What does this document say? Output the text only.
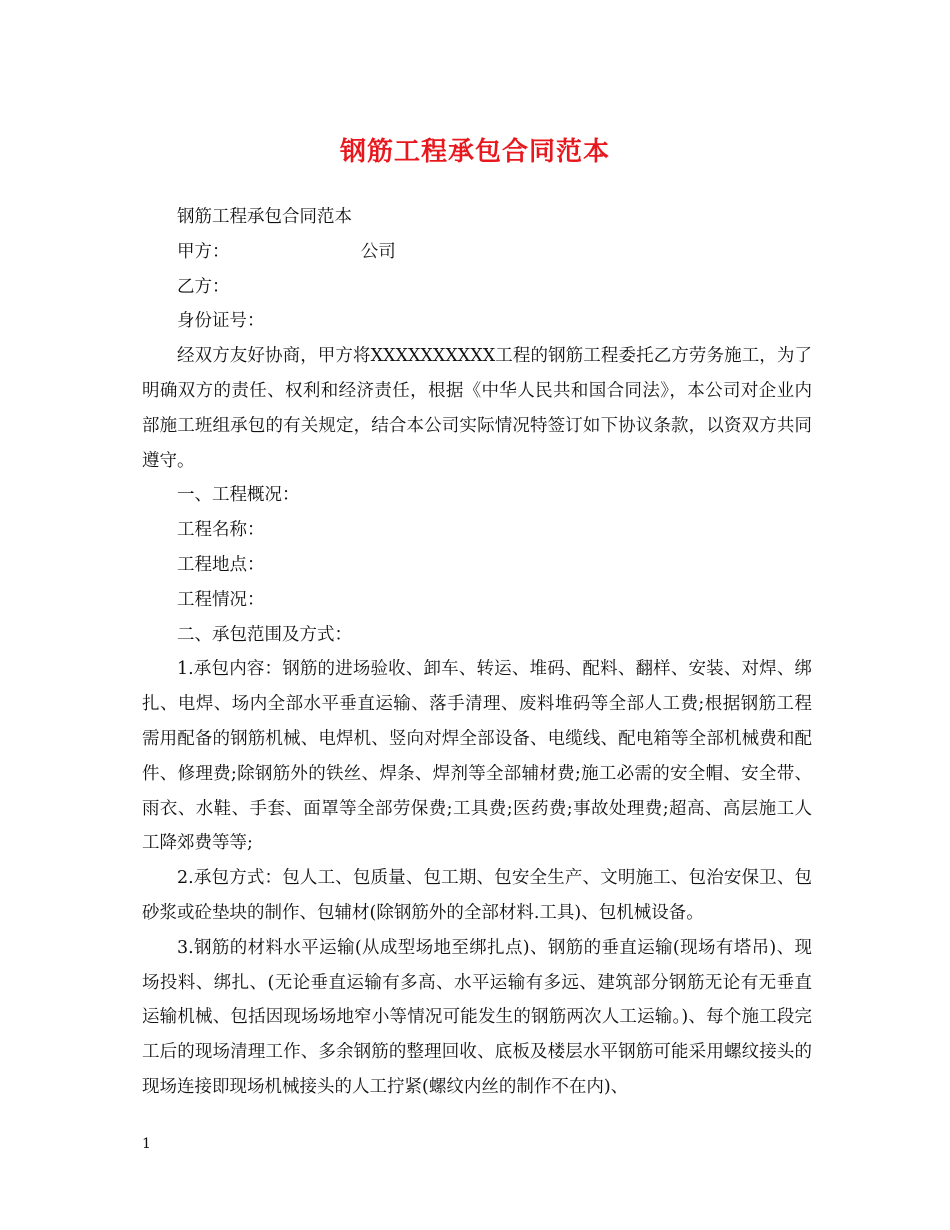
钢筋工程承包合同范本

钢筋工程承包合同范本

甲方：　　　　　　　　公司

乙方：

身份证号：

经双方友好协商，甲方将XXXXXXXXXX工程的钢筋工程委托乙方劳务施工，为了明确双方的责任、权利和经济责任，根据《中华人民共和国合同法》，本公司对企业内部施工班组承包的有关规定，结合本公司实际情况特签订如下协议条款，以资双方共同遵守。

一、工程概况：

工程名称：

工程地点：

工程情况：

二、承包范围及方式：

1.承包内容：钢筋的进场验收、卸车、转运、堆码、配料、翻样、安装、对焊、绑扎、电焊、场内全部水平垂直运输、落手清理、废料堆码等全部人工费;根据钢筋工程需用配备的钢筋机械、电焊机、竖向对焊全部设备、电缆线、配电箱等全部机械费和配件、修理费;除钢筋外的铁丝、焊条、焊剂等全部辅材费;施工必需的安全帽、安全带、雨衣、水鞋、手套、面罩等全部劳保费;工具费;医药费;事故处理费;超高、高层施工人工降郊费等等;

2.承包方式：包人工、包质量、包工期、包安全生产、文明施工、包治安保卫、包砂浆或砼垫块的制作、包辅材(除钢筋外的全部材料.工具)、包机械设备。

3.钢筋的材料水平运输(从成型场地至绑扎点)、钢筋的垂直运输(现场有塔吊)、现场投料、绑扎、(无论垂直运输有多高、水平运输有多远、建筑部分钢筋无论有无垂直运输机械、包括因现场场地窄小等情况可能发生的钢筋两次人工运输。)、每个施工段完工后的现场清理工作、多余钢筋的整理回收、底板及楼层水平钢筋可能采用螺纹接头的现场连接即现场机械接头的人工拧紧(螺纹内丝的制作不在内)、

1
